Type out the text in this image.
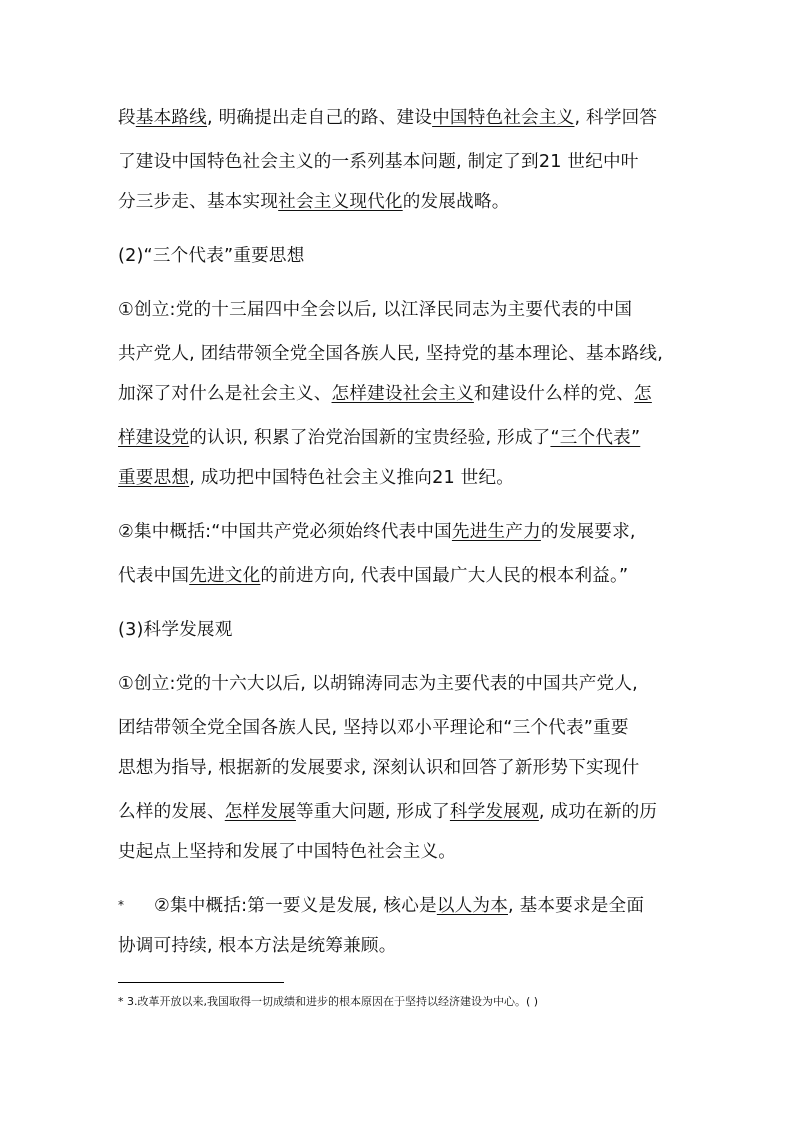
段基本路线, 明确提出走自己的路、建设中国特色社会主义, 科学回答
了建设中国特色社会主义的一系列基本问题, 制定了到21 世纪中叶
分三步走、基本实现社会主义现代化的发展战略。
(2)“三个代表”重要思想
①创立:党的十三届四中全会以后, 以江泽民同志为主要代表的中国
共产党人, 团结带领全党全国各族人民, 坚持党的基本理论、基本路线,
加深了对什么是社会主义、怎样建设社会主义和建设什么样的党、怎
样建设党的认识, 积累了治党治国新的宝贵经验, 形成了“三个代表”
重要思想, 成功把中国特色社会主义推向21 世纪。
②集中概括:“中国共产党必须始终代表中国先进生产力的发展要求,
代表中国先进文化的前进方向, 代表中国最广大人民的根本利益。”
(3)科学发展观
①创立:党的十六大以后, 以胡锦涛同志为主要代表的中国共产党人,
团结带领全党全国各族人民, 坚持以邓小平理论和“三个代表”重要
思想为指导, 根据新的发展要求, 深刻认识和回答了新形势下实现什
么样的发展、怎样发展等重大问题, 形成了科学发展观, 成功在新的历
史起点上坚持和发展了中国特色社会主义。
②集中概括:第一要义是发展, 核心是以人为本, 基本要求是全面
协调可持续, 根本方法是统筹兼顾。
*
* 3.改革开放以来,我国取得一切成绩和进步的根本原因在于坚持以经济建设为中心。( )
